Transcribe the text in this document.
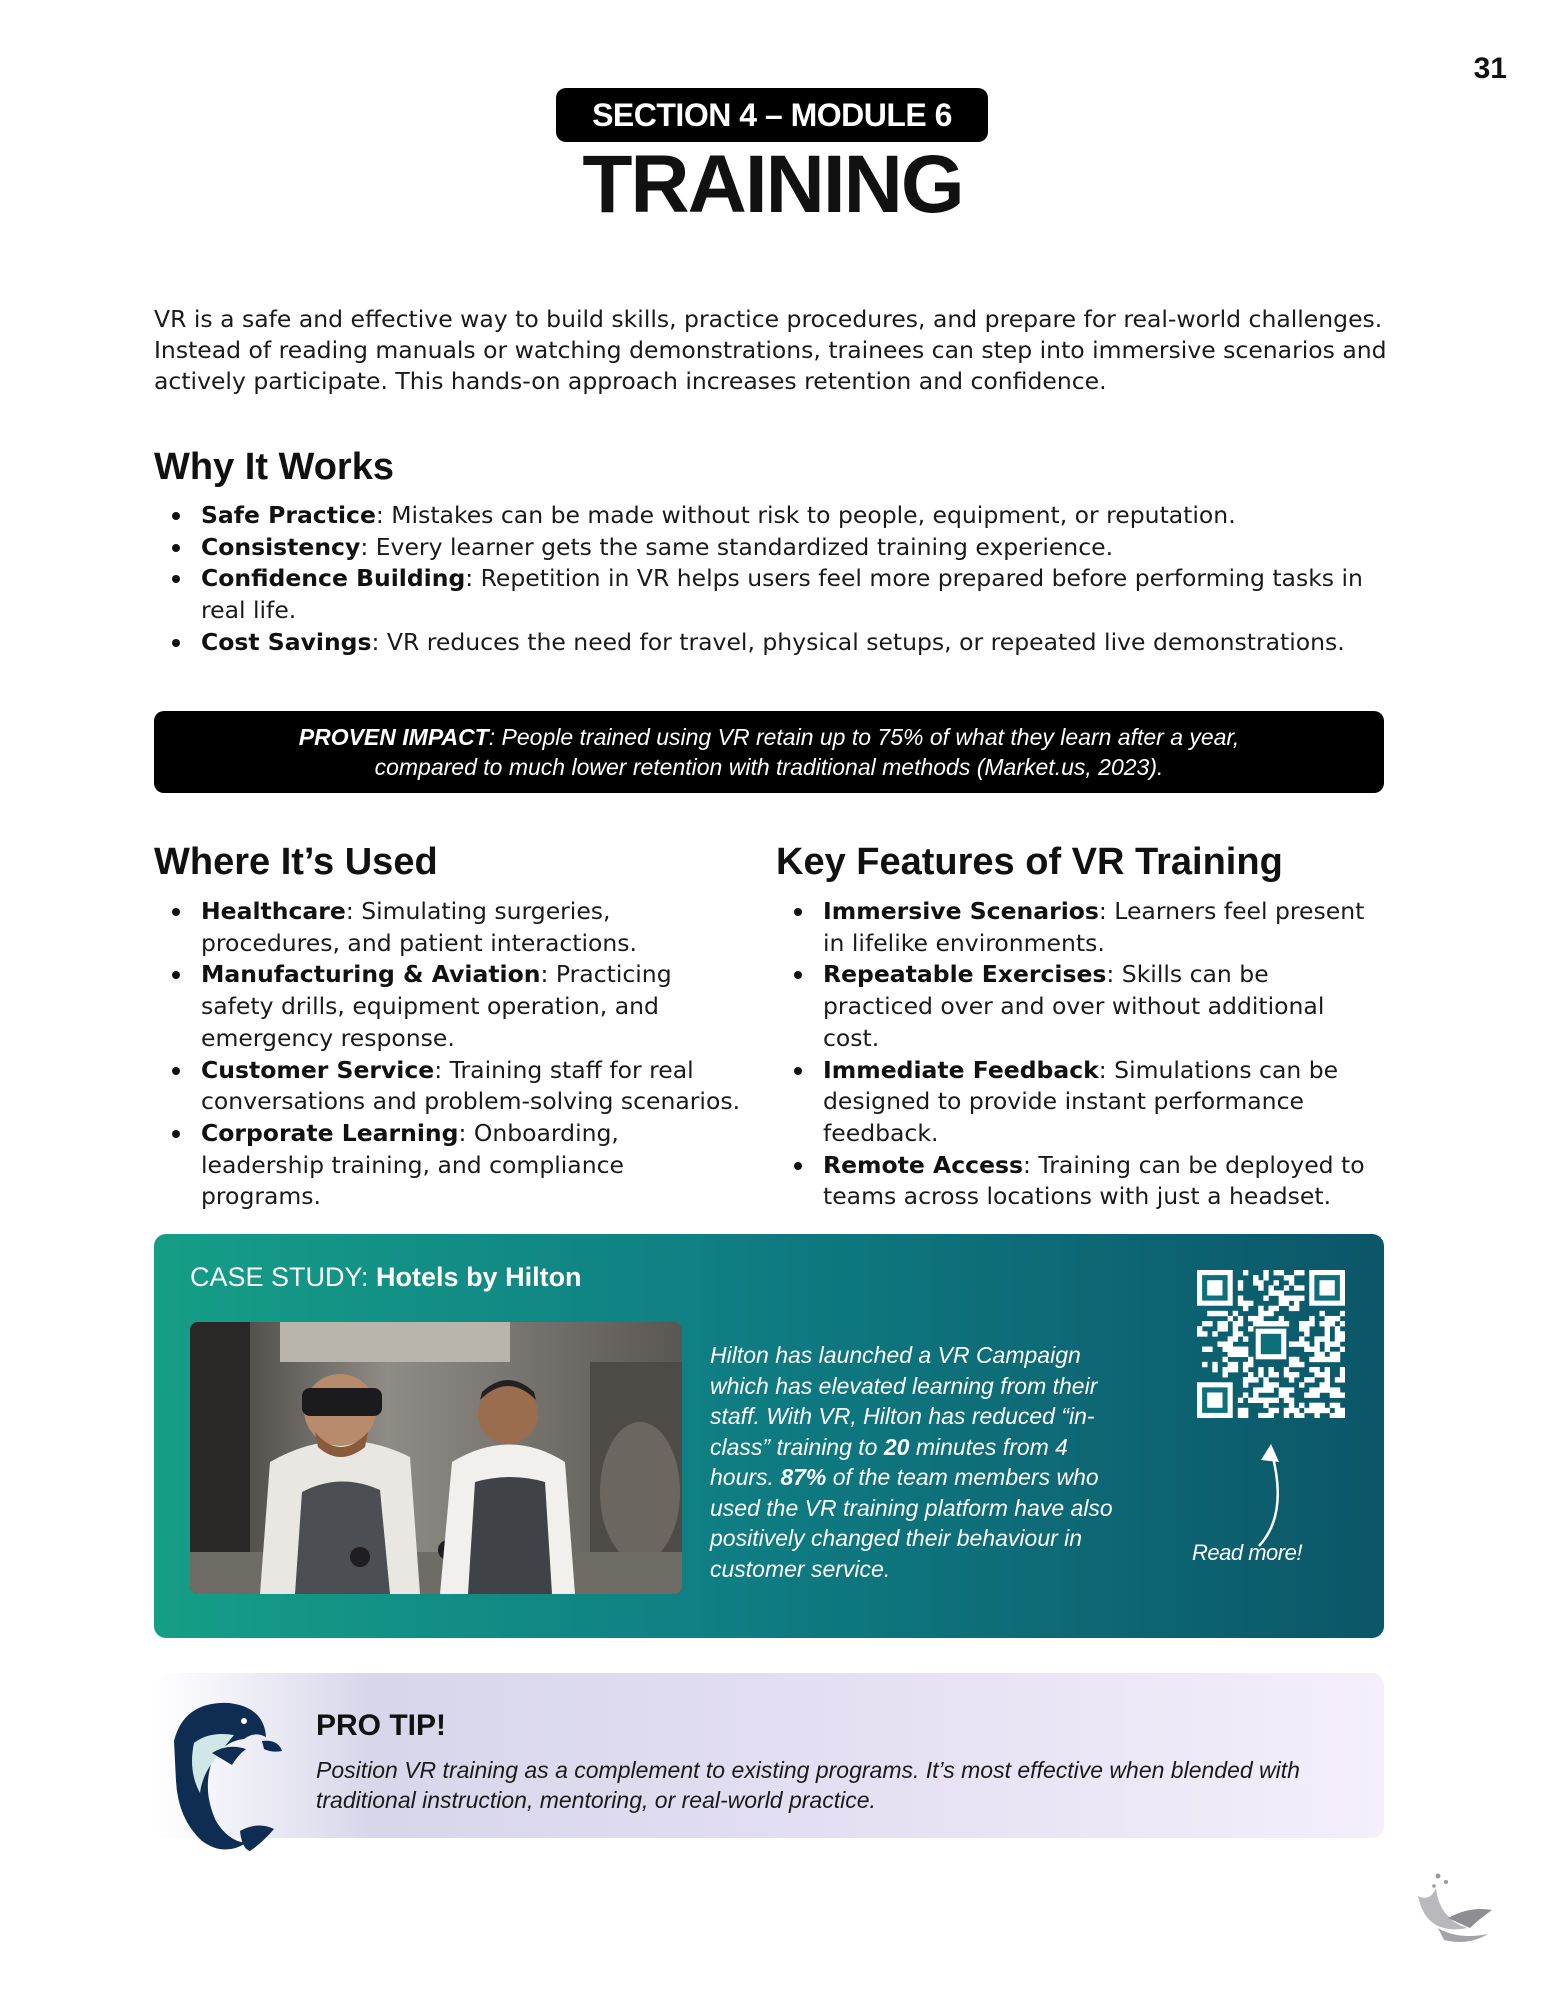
31
SECTION 4 – MODULE 6
TRAINING

VR is a safe and effective way to build skills, practice procedures, and prepare for real-world challenges. Instead of reading manuals or watching demonstrations, trainees can step into immersive scenarios and actively participate. This hands-on approach increases retention and confidence.

Why It Works
Safe Practice: Mistakes can be made without risk to people, equipment, or reputation.
Consistency: Every learner gets the same standardized training experience.
Confidence Building: Repetition in VR helps users feel more prepared before performing tasks in real life.
Cost Savings: VR reduces the need for travel, physical setups, or repeated live demonstrations.
PROVEN IMPACT: People trained using VR retain up to 75% of what they learn after a year, compared to much lower retention with traditional methods (Market.us, 2023).
Where It’s Used
Healthcare: Simulating surgeries, procedures, and patient interactions.
Manufacturing & Aviation: Practicing safety drills, equipment operation, and emergency response.
Customer Service: Training staff for real conversations and problem-solving scenarios.
Corporate Learning: Onboarding, leadership training, and compliance programs.
Key Features of VR Training
Immersive Scenarios: Learners feel present in lifelike environments.
Repeatable Exercises: Skills can be practiced over and over without additional cost.
Immediate Feedback: Simulations can be designed to provide instant performance feedback.
Remote Access: Training can be deployed to teams across locations with just a headset.
CASE STUDY: Hotels by Hilton
Hilton has launched a VR Campaign which has elevated learning from their staff. With VR, Hilton has reduced “in-class” training to 20 minutes from 4 hours. 87% of the team members who used the VR training platform have also positively changed their behaviour in customer service.
Read more!
PRO TIP!
Position VR training as a complement to existing programs. It’s most effective when blended with traditional instruction, mentoring, or real-world practice.
